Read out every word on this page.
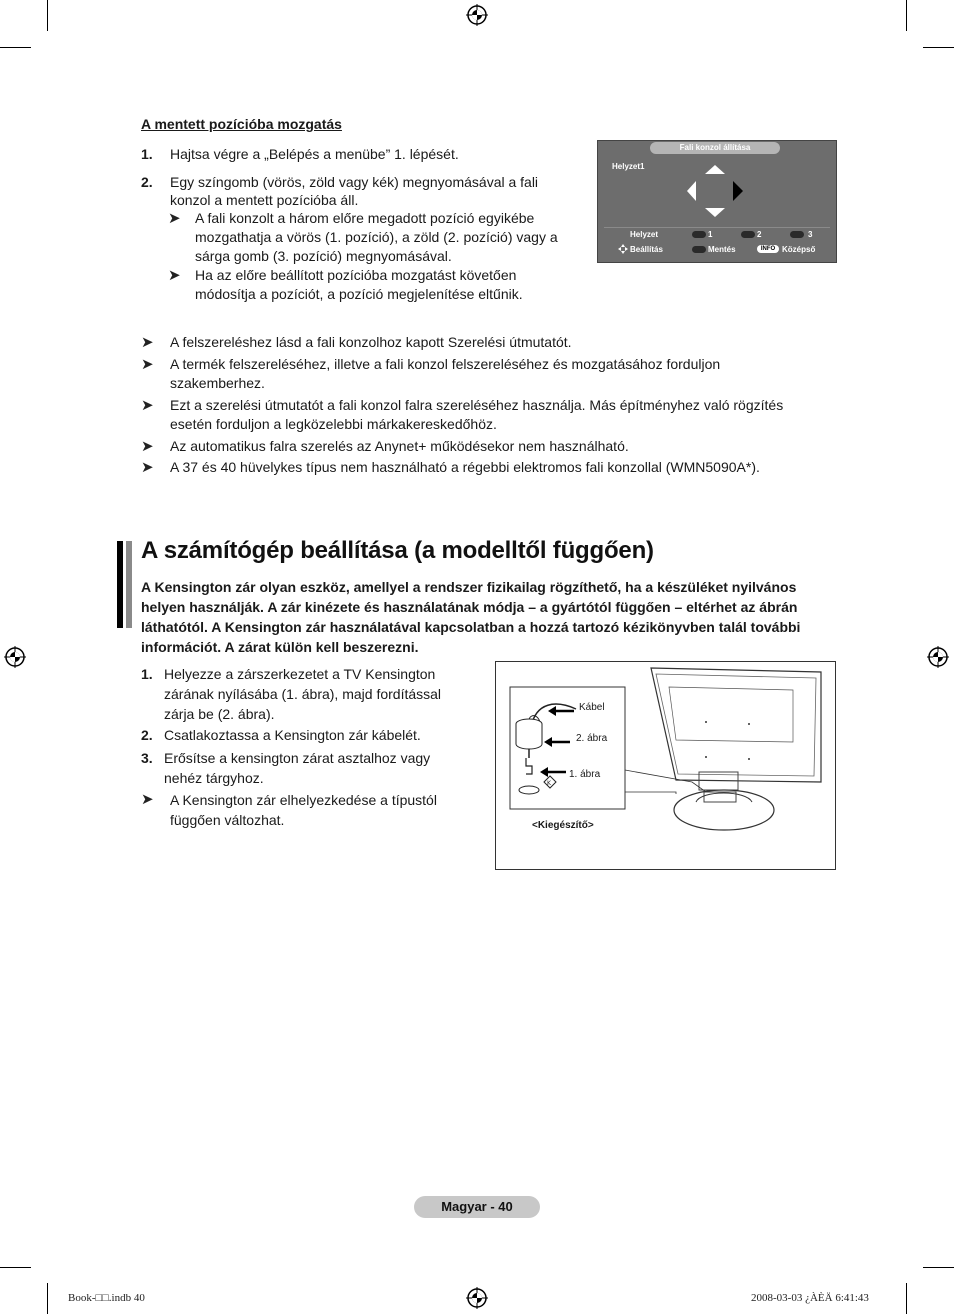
A mentett pozícióba mozgatás
1. Hajtsa végre a „Belépés a menübe” 1. lépését.
2. Egy színgomb (vörös, zöld vagy kék) megnyomásával a fali
konzol a mentett pozícióba áll.
➤ A fali konzolt a három előre megadott pozíció egyikébe
mozgathatja a vörös (1. pozíció), a zöld (2. pozíció) vagy a
sárga gomb (3. pozíció) megnyomásával.
➤ Ha az előre beállított pozícióba mozgatást követően
módosítja a pozíciót, a pozíció megjelenítése eltűnik.
Fali konzol állítása
Helyzet1
Helyzet	1	2	3
Beállítás	Mentés	INFO Középső
➤ A felszereléshez lásd a fali konzolhoz kapott Szerelési útmutatót.
➤ A termék felszereléséhez, illetve a fali konzol felszereléséhez és mozgatásához forduljon
szakemberhez.
➤ Ezt a szerelési útmutatót a fali konzol falra szereléséhez használja. Más építményhez való rögzítés
esetén forduljon a legközelebbi márkakereskedőhöz.
➤ Az automatikus falra szerelés az Anynet+ működésekor nem használható.
➤ A 37 és 40 hüvelykes típus nem használható a régebbi elektromos fali konzollal (WMN5090A*).
A számítógép beállítása (a modelltől függően)
A Kensington zár olyan eszköz, amellyel a rendszer fizikailag rögzíthető, ha a készüléket nyilvános
helyen használják. A zár kinézete és használatának módja – a gyártótól függően – eltérhet az ábrán
láthatótól. A Kensington zár használatával kapcsolatban a hozzá tartozó kézikönyvben talál további
információt. A zárat külön kell beszerezni.
1. Helyezze a zárszerkezetet a TV Kensington
zárának nyílásába (1. ábra), majd fordítással
zárja be (2. ábra).
2. Csatlakoztassa a Kensington zár kábelét.
3. Erősítse a kensington zárat asztalhoz vagy
nehéz tárgyhoz.
➤ A Kensington zár elhelyezkedése a típustól
függően változhat.
K
Kábel
2. ábra
1. ábra
<Kiegészítő>
Magyar - 40
Book-□□.indb 40	2008-03-03 ¿ÀÈÄ 6:41:43
